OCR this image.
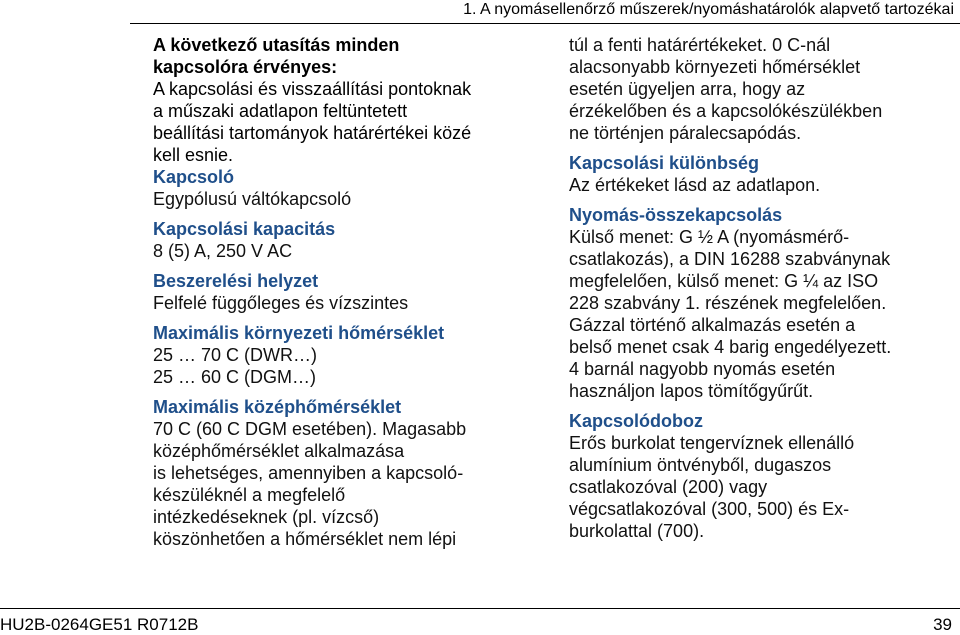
1. A nyomásellenőrző műszerek/nyomáshatárolók alapvető tartozékai
A következő utasítás minden
kapcsolóra érvényes:
A kapcsolási és visszaállítási pontoknak
a műszaki adatlapon feltüntetett
beállítási tartományok határértékei közé
kell esnie.
Kapcsoló
Egypólusú váltókapcsoló
Kapcsolási kapacitás
8 (5) A, 250 V AC
Beszerelési helyzet
Felfelé függőleges és vízszintes
Maximális környezeti hőmérséklet
25 … 70 C (DWR…)
25 … 60 C (DGM…)
Maximális középhőmérséklet
70 C (60 C DGM esetében). Magasabb
középhőmérséklet alkalmazása
is lehetséges, amennyiben a kapcsoló-
készüléknél a megfelelő
intézkedéseknek (pl. vízcső)
köszönhetően a hőmérséklet nem lépi
túl a fenti határértékeket. 0 C-nál
alacsonyabb környezeti hőmérséklet
esetén ügyeljen arra, hogy az
érzékelőben és a kapcsolókészülékben
ne történjen páralecsapódás.
Kapcsolási különbség
Az értékeket lásd az adatlapon.
Nyomás-összekapcsolás
Külső menet: G ½ A (nyomásmérő-
csatlakozás), a DIN 16288 szabványnak
megfelelően, külső menet: G ¼ az ISO
228 szabvány 1. részének megfelelően.
Gázzal történő alkalmazás esetén a
belső menet csak 4 barig engedélyezett.
4 barnál nagyobb nyomás esetén
használjon lapos tömítőgyűrűt.
Kapcsolódoboz
Erős burkolat tengervíznek ellenálló
alumínium öntvényből, dugaszos
csatlakozóval (200) vagy
végcsatlakozóval (300, 500) és Ex-
burkolattal (700).
HU2B-0264GE51 R0712B	39
